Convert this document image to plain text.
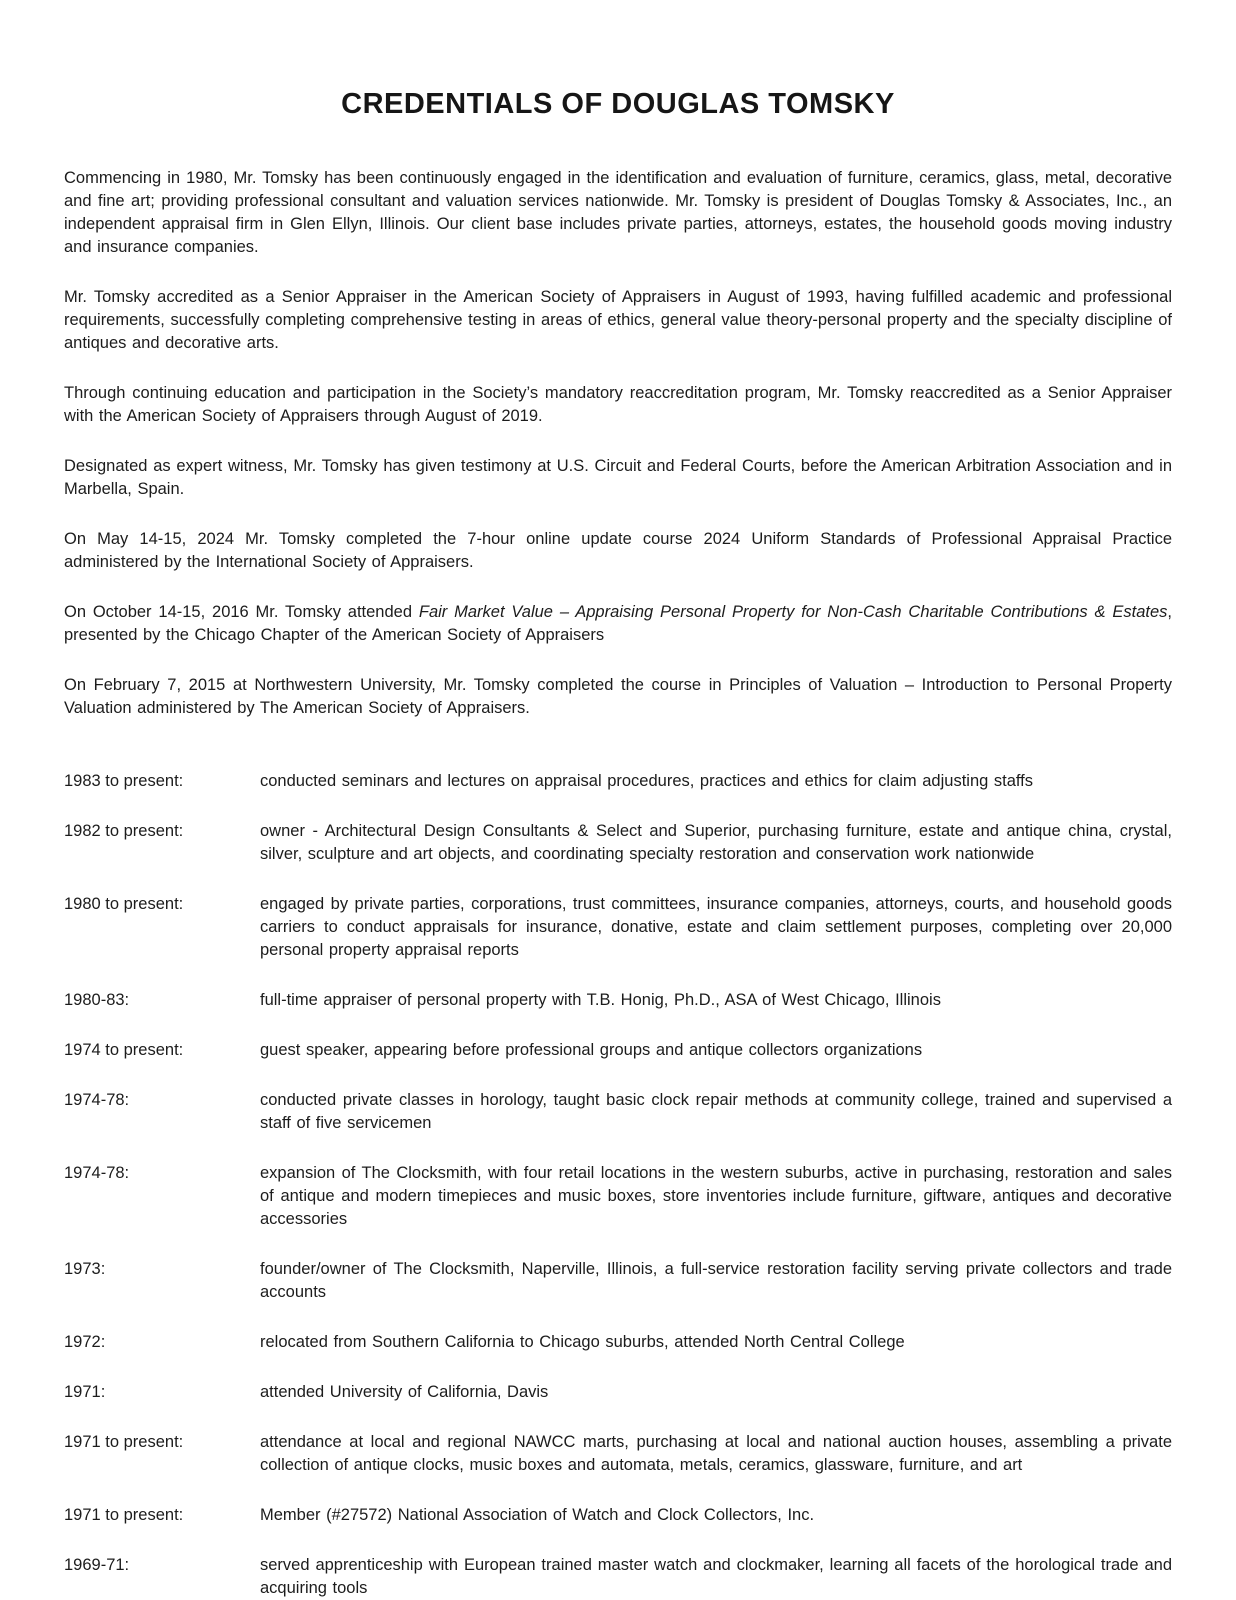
CREDENTIALS OF DOUGLAS TOMSKY

Commencing in 1980, Mr. Tomsky has been continuously engaged in the identification and evaluation of furniture, ceramics, glass, metal, decorative and fine art; providing professional consultant and valuation services nationwide. Mr. Tomsky is president of Douglas Tomsky & Associates, Inc., an independent appraisal firm in Glen Ellyn, Illinois. Our client base includes private parties, attorneys, estates, the household goods moving industry and insurance companies.

Mr. Tomsky accredited as a Senior Appraiser in the American Society of Appraisers in August of 1993, having fulfilled academic and professional requirements, successfully completing comprehensive testing in areas of ethics, general value theory-personal property and the specialty discipline of antiques and decorative arts.

Through continuing education and participation in the Society’s mandatory reaccreditation program, Mr. Tomsky reaccredited as a Senior Appraiser with the American Society of Appraisers through August of 2019.

Designated as expert witness, Mr. Tomsky has given testimony at U.S. Circuit and Federal Courts, before the American Arbitration Association and in Marbella, Spain.

On May 14-15, 2024 Mr. Tomsky completed the 7-hour online update course 2024 Uniform Standards of Professional Appraisal Practice administered by the International Society of Appraisers.

On October 14-15, 2016 Mr. Tomsky attended Fair Market Value – Appraising Personal Property for Non-Cash Charitable Contributions & Estates, presented by the Chicago Chapter of the American Society of Appraisers

On February 7, 2015 at Northwestern University, Mr. Tomsky completed the course in Principles of Valuation – Introduction to Personal Property Valuation administered by The American Society of Appraisers.

1983 to present:	conducted seminars and lectures on appraisal procedures, practices and ethics for claim adjusting staffs
1982 to present:	owner - Architectural Design Consultants & Select and Superior, purchasing furniture, estate and antique china, crystal, silver, sculpture and art objects, and coordinating specialty restoration and conservation work nationwide
1980 to present:	engaged by private parties, corporations, trust committees, insurance companies, attorneys, courts, and household goods carriers to conduct appraisals for insurance, donative, estate and claim settlement purposes, completing over 20,000 personal property appraisal reports
1980-83:	full-time appraiser of personal property with T.B. Honig, Ph.D., ASA of West Chicago, Illinois
1974 to present:	guest speaker, appearing before professional groups and antique collectors organizations
1974-78:	conducted private classes in horology, taught basic clock repair methods at community college, trained and supervised a staff of five servicemen
1974-78:	expansion of The Clocksmith, with four retail locations in the western suburbs, active in purchasing, restoration and sales of antique and modern timepieces and music boxes, store inventories include furniture, giftware, antiques and decorative accessories
1973:	founder/owner of The Clocksmith, Naperville, Illinois, a full-service restoration facility serving private collectors and trade accounts
1972:	relocated from Southern California to Chicago suburbs, attended North Central College
1971:	attended University of California, Davis
1971 to present:	attendance at local and regional NAWCC marts, purchasing at local and national auction houses, assembling a private collection of antique clocks, music boxes and automata, metals, ceramics, glassware, furniture, and art
1971 to present:	Member (#27572) National Association of Watch and Clock Collectors, Inc.
1969-71:	served apprenticeship with European trained master watch and clockmaker, learning all facets of the horological trade and acquiring tools
